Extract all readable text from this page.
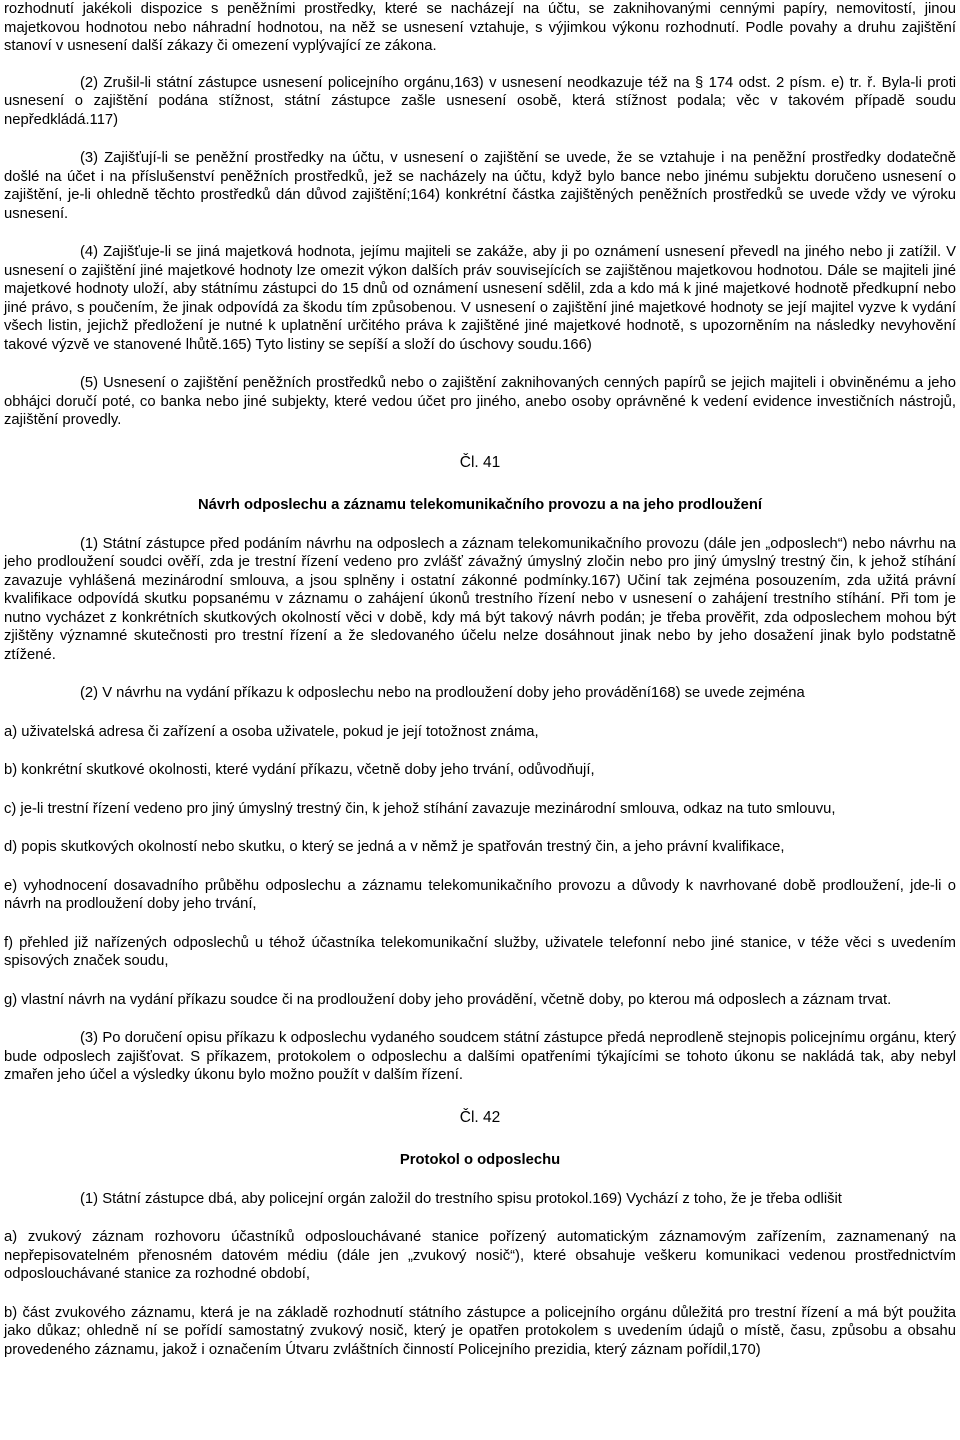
rozhodnutí jakékoli dispozice s peněžními prostředky, které se nacházejí na účtu, se zaknihovanými cennými papíry, nemovitostí, jinou majetkovou hodnotou nebo náhradní hodnotou, na něž se usnesení vztahuje, s výjimkou výkonu rozhodnutí. Podle povahy a druhu zajištění stanoví v usnesení další zákazy či omezení vyplývající ze zákona.

(2) Zrušil-li státní zástupce usnesení policejního orgánu,163) v usnesení neodkazuje též na § 174 odst. 2 písm. e) tr. ř. Byla-li proti usnesení o zajištění podána stížnost, státní zástupce zašle usnesení osobě, která stížnost podala; věc v takovém případě soudu nepředkládá.117)

(3) Zajišťují-li se peněžní prostředky na účtu, v usnesení o zajištění se uvede, že se vztahuje i na peněžní prostředky dodatečně došlé na účet i na příslušenství peněžních prostředků, jež se nacházely na účtu, když bylo bance nebo jinému subjektu doručeno usnesení o zajištění, je-li ohledně těchto prostředků dán důvod zajištění;164) konkrétní částka zajištěných peněžních prostředků se uvede vždy ve výroku usnesení.

(4) Zajišťuje-li se jiná majetková hodnota, jejímu majiteli se zakáže, aby ji po oznámení usnesení převedl na jiného nebo ji zatížil. V usnesení o zajištění jiné majetkové hodnoty lze omezit výkon dalších práv souvisejících se zajištěnou majetkovou hodnotou. Dále se majiteli jiné majetkové hodnoty uloží, aby státnímu zástupci do 15 dnů od oznámení usnesení sdělil, zda a kdo má k jiné majetkové hodnotě předkupní nebo jiné právo, s poučením, že jinak odpovídá za škodu tím způsobenou. V usnesení o zajištění jiné majetkové hodnoty se její majitel vyzve k vydání všech listin, jejichž předložení je nutné k uplatnění určitého práva k zajištěné jiné majetkové hodnotě, s upozorněním na následky nevyhovění takové výzvě ve stanovené lhůtě.165) Tyto listiny se sepíší a složí do úschovy soudu.166)

(5) Usnesení o zajištění peněžních prostředků nebo o zajištění zaknihovaných cenných papírů se jejich majiteli i obviněnému a jeho obhájci doručí poté, co banka nebo jiné subjekty, které vedou účet pro jiného, anebo osoby oprávněné k vedení evidence investičních nástrojů, zajištění provedly.

Čl. 41

Návrh odposlechu a záznamu telekomunikačního provozu a na jeho prodloužení

(1) Státní zástupce před podáním návrhu na odposlech a záznam telekomunikačního provozu (dále jen „odposlech“) nebo návrhu na jeho prodloužení soudci ověří, zda je trestní řízení vedeno pro zvlášť závažný úmyslný zločin nebo pro jiný úmyslný trestný čin, k jehož stíhání zavazuje vyhlášená mezinárodní smlouva, a jsou splněny i ostatní zákonné podmínky.167) Učiní tak zejména posouzením, zda užitá právní kvalifikace odpovídá skutku popsanému v záznamu o zahájení úkonů trestního řízení nebo v usnesení o zahájení trestního stíhání. Při tom je nutno vycházet z konkrétních skutkových okolností věci v době, kdy má být takový návrh podán; je třeba prověřit, zda odposlechem mohou být zjištěny významné skutečnosti pro trestní řízení a že sledovaného účelu nelze dosáhnout jinak nebo by jeho dosažení jinak bylo podstatně ztížené.

(2) V návrhu na vydání příkazu k odposlechu nebo na prodloužení doby jeho provádění168) se uvede zejména

a) uživatelská adresa či zařízení a osoba uživatele, pokud je její totožnost známa,

b) konkrétní skutkové okolnosti, které vydání příkazu, včetně doby jeho trvání, odůvodňují,

c) je-li trestní řízení vedeno pro jiný úmyslný trestný čin, k jehož stíhání zavazuje mezinárodní smlouva, odkaz na tuto smlouvu,

d) popis skutkových okolností nebo skutku, o který se jedná a v němž je spatřován trestný čin, a jeho právní kvalifikace,

e) vyhodnocení dosavadního průběhu odposlechu a záznamu telekomunikačního provozu a důvody k navrhované době prodloužení, jde-li o návrh na prodloužení doby jeho trvání,

f) přehled již nařízených odposlechů u téhož účastníka telekomunikační služby, uživatele telefonní nebo jiné stanice, v téže věci s uvedením spisových značek soudu,

g) vlastní návrh na vydání příkazu soudce či na prodloužení doby jeho provádění, včetně doby, po kterou má odposlech a záznam trvat.

(3) Po doručení opisu příkazu k odposlechu vydaného soudcem státní zástupce předá neprodleně stejnopis policejnímu orgánu, který bude odposlech zajišťovat. S příkazem, protokolem o odposlechu a dalšími opatřeními týkajícími se tohoto úkonu se nakládá tak, aby nebyl zmařen jeho účel a výsledky úkonu bylo možno použít v dalším řízení.

Čl. 42

Protokol o odposlechu

(1) Státní zástupce dbá, aby policejní orgán založil do trestního spisu protokol.169) Vychází z toho, že je třeba odlišit

a) zvukový záznam rozhovoru účastníků odposlouchávané stanice pořízený automatickým záznamovým zařízením, zaznamenaný na nepřepisovatelném přenosném datovém médiu (dále jen „zvukový nosič“), které obsahuje veškeru komunikaci vedenou prostřednictvím odposlouchávané stanice za rozhodné období,

b) část zvukového záznamu, která je na základě rozhodnutí státního zástupce a policejního orgánu důležitá pro trestní řízení a má být použita jako důkaz; ohledně ní se pořídí samostatný zvukový nosič, který je opatřen protokolem s uvedením údajů o místě, času, způsobu a obsahu provedeného záznamu, jakož i označením Útvaru zvláštních činností Policejního prezidia, který záznam pořídil,170)
